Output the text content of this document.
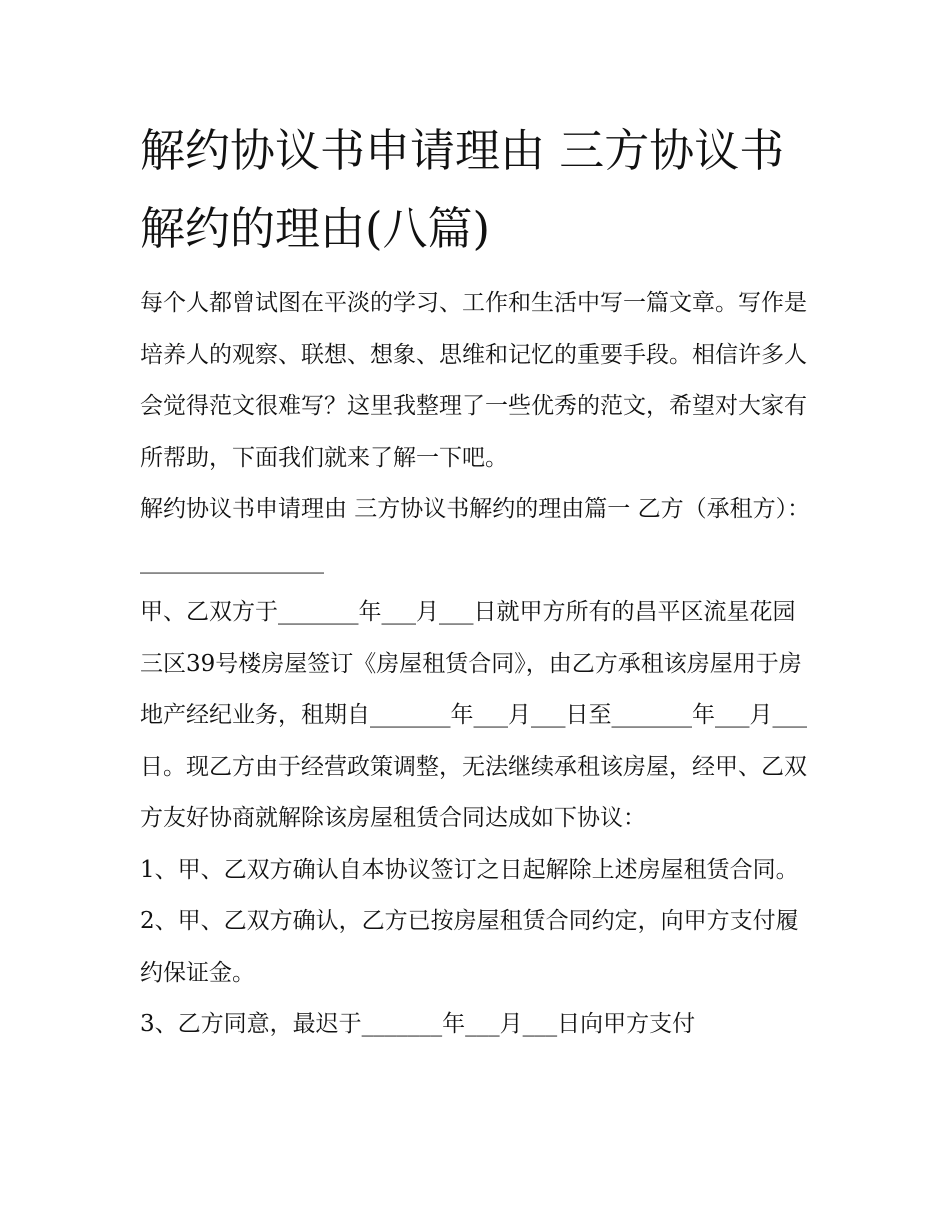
解约协议书申请理由 三方协议书解约的理由(八篇)

每个人都曾试图在平淡的学习、工作和生活中写一篇文章。写作是培养人的观察、联想、想象、思维和记忆的重要手段。相信许多人会觉得范文很难写？这里我整理了一些优秀的范文，希望对大家有所帮助，下面我们就来了解一下吧。

解约协议书申请理由 三方协议书解约的理由篇一 乙方（承租方）：________________

甲、乙双方于_______年___月___日就甲方所有的昌平区流星花园三区39号楼房屋签订《房屋租赁合同》，由乙方承租该房屋用于房地产经纪业务，租期自_______年___月___日至_______年___月___日。现乙方由于经营政策调整，无法继续承租该房屋，经甲、乙双方友好协商就解除该房屋租赁合同达成如下协议：

1、甲、乙双方确认自本协议签订之日起解除上述房屋租赁合同。 2、甲、乙双方确认，乙方已按房屋租赁合同约定，向甲方支付履约保证金。

3、乙方同意，最迟于_______年___月___日向甲方支付
